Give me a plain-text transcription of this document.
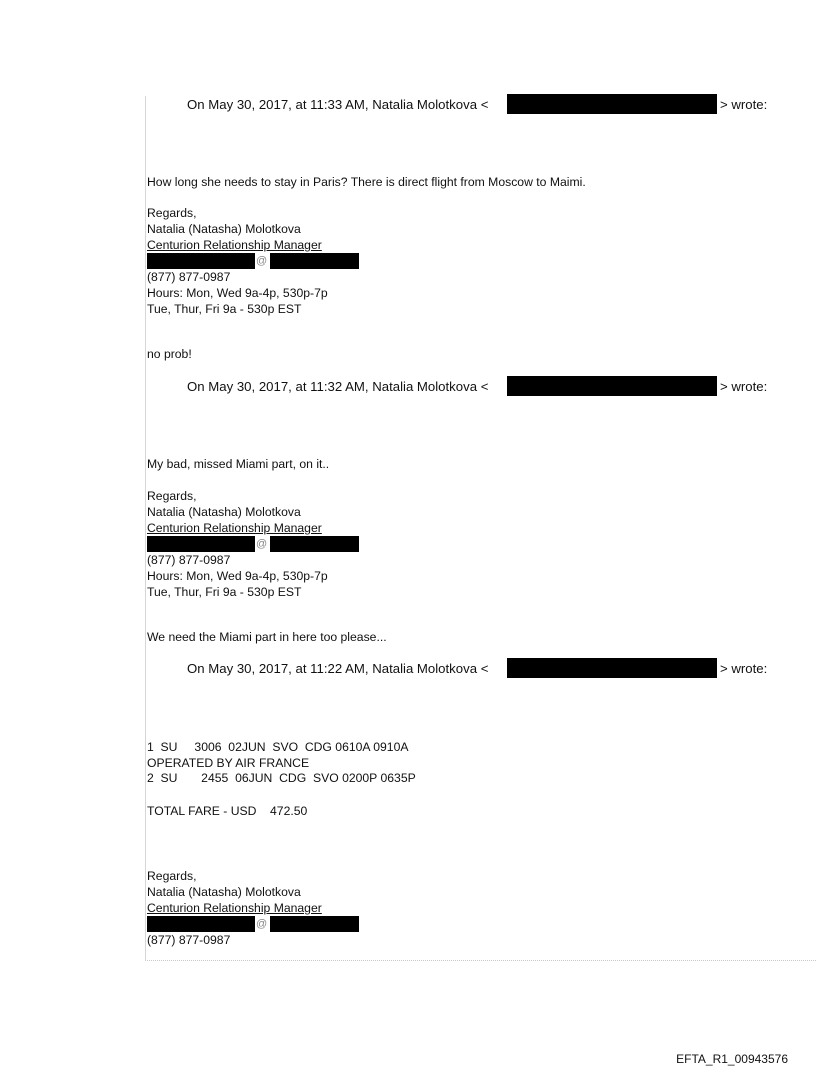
On May 30, 2017, at 11:33 AM, Natalia Molotkova <	> wrote:
How long she needs to stay in Paris? There is direct flight from Moscow to Maimi.
Regards,
Natalia (Natasha) Molotkova
Centurion Relationship Manager
@
(877) 877-0987
Hours: Mon, Wed 9a-4p, 530p-7p
Tue, Thur, Fri 9a - 530p EST
no prob!
On May 30, 2017, at 11:32 AM, Natalia Molotkova <	> wrote:
My bad, missed Miami part, on it..
Regards,
Natalia (Natasha) Molotkova
Centurion Relationship Manager
@
(877) 877-0987
Hours: Mon, Wed 9a-4p, 530p-7p
Tue, Thur, Fri 9a - 530p EST
We need the Miami part in here too please...
On May 30, 2017, at 11:22 AM, Natalia Molotkova <	> wrote:
1  SU     3006  02JUN  SVO  CDG 0610A 0910A
OPERATED BY AIR FRANCE
2  SU       2455  06JUN  CDG  SVO 0200P 0635P
TOTAL FARE - USD    472.50
Regards,
Natalia (Natasha) Molotkova
Centurion Relationship Manager
@
(877) 877-0987
EFTA_R1_00943576
